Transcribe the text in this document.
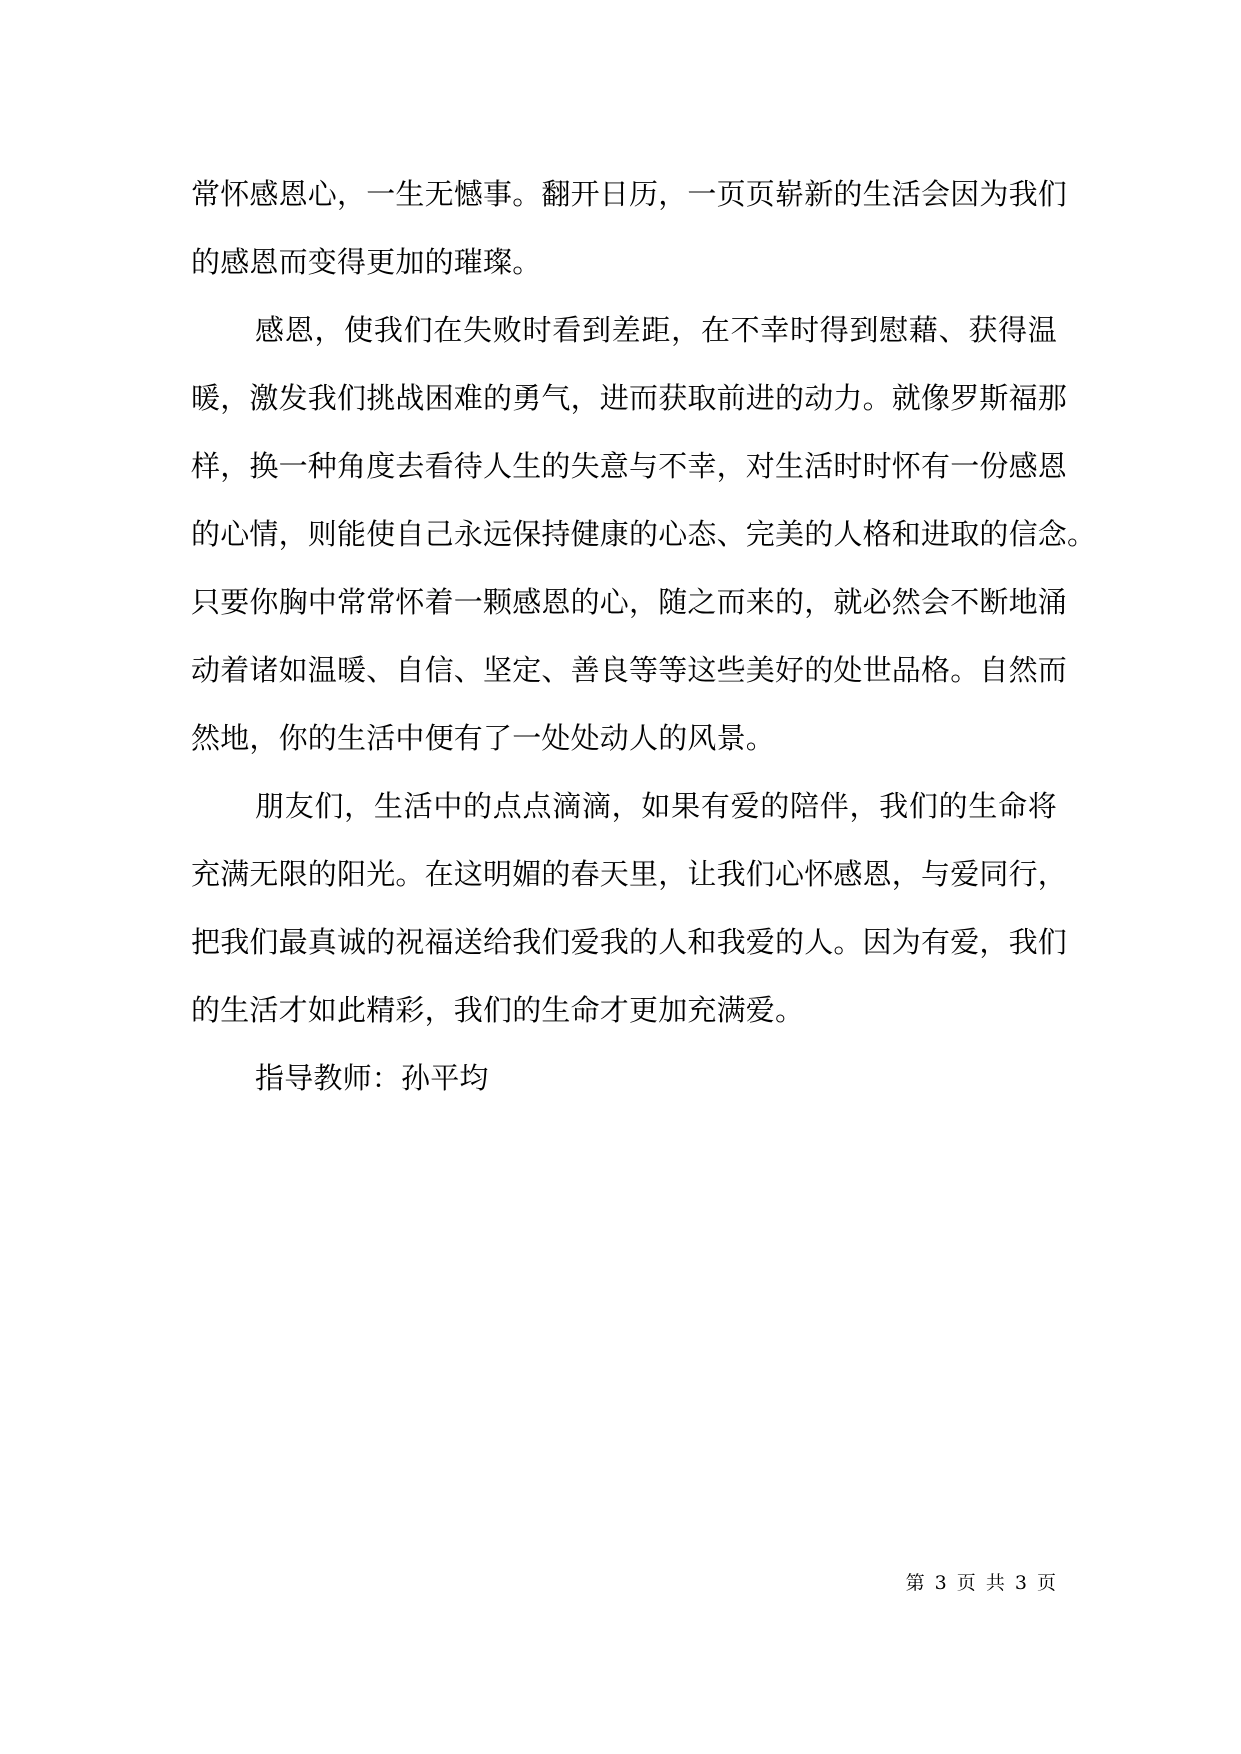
常怀感恩心，一生无憾事。翻开日历，一页页崭新的生活会因为我们
的感恩而变得更加的璀璨。
感恩，使我们在失败时看到差距，在不幸时得到慰藉、获得温
暖，激发我们挑战困难的勇气，进而获取前进的动力。就像罗斯福那
样，换一种角度去看待人生的失意与不幸，对生活时时怀有一份感恩
的心情，则能使自己永远保持健康的心态、完美的人格和进取的信念。
只要你胸中常常怀着一颗感恩的心，随之而来的，就必然会不断地涌
动着诸如温暖、自信、坚定、善良等等这些美好的处世品格。自然而
然地，你的生活中便有了一处处动人的风景。
朋友们，生活中的点点滴滴，如果有爱的陪伴，我们的生命将
充满无限的阳光。在这明媚的春天里，让我们心怀感恩，与爱同行，
把我们最真诚的祝福送给我们爱我的人和我爱的人。因为有爱，我们
的生活才如此精彩，我们的生命才更加充满爱。
指导教师：孙平均
第 3 页 共 3 页
